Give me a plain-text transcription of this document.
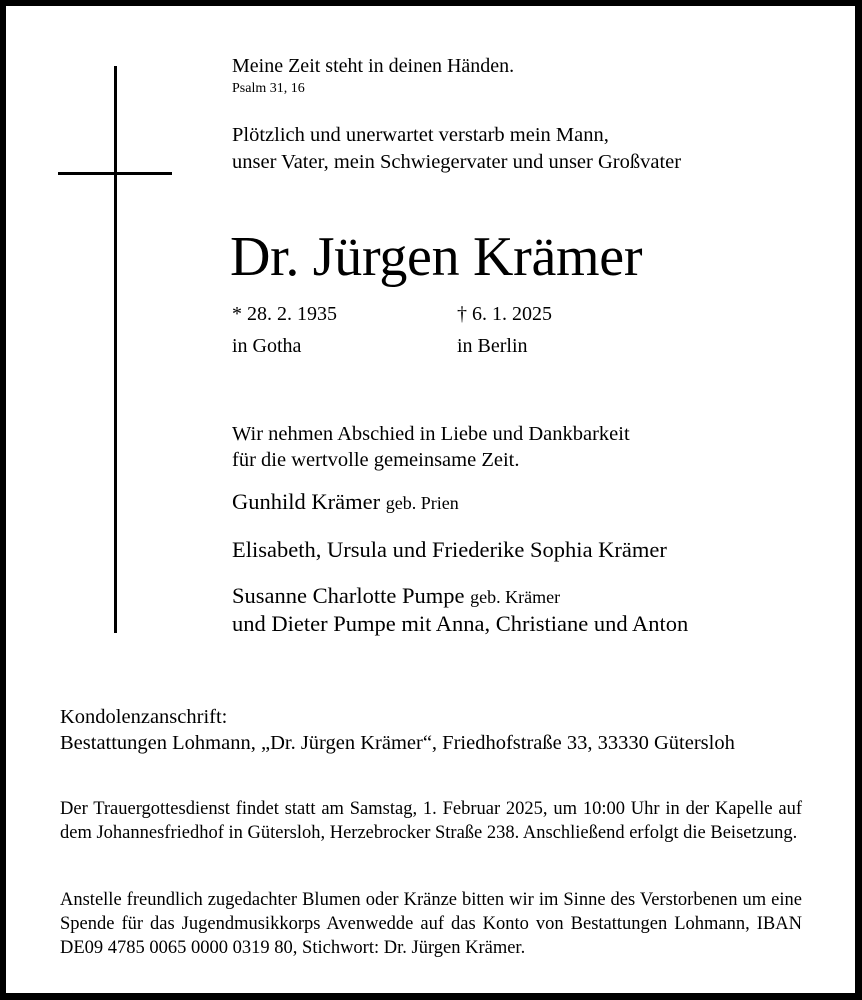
Meine Zeit steht in deinen Händen.
Psalm 31, 16
Plötzlich und unerwartet verstarb mein Mann,
unser Vater, mein Schwiegervater und unser Großvater
Dr. Jürgen Krämer
* 28. 2. 1935
in Gotha
† 6. 1. 2025
in Berlin
Wir nehmen Abschied in Liebe und Dankbarkeit
für die wertvolle gemeinsame Zeit.
Gunhild Krämer geb. Prien
Elisabeth, Ursula und Friederike Sophia Krämer
Susanne Charlotte Pumpe geb. Krämer
und Dieter Pumpe mit Anna, Christiane und Anton
Kondolenzanschrift:
Bestattungen Lohmann, „Dr. Jürgen Krämer“, Friedhofstraße 33, 33330 Gütersloh
Der Trauergottesdienst findet statt am Samstag, 1. Februar 2025, um 10:00 Uhr in der Kapelle auf dem Johannesfriedhof in Gütersloh, Herzebrocker Straße 238. Anschließend erfolgt die Beisetzung.
Anstelle freundlich zugedachter Blumen oder Kränze bitten wir im Sinne des Verstorbenen um eine Spende für das Jugendmusikkorps Avenwedde auf das Konto von Bestattungen Lohmann, IBAN DE09 4785 0065 0000 0319 80, Stichwort: Dr. Jürgen Krämer.
